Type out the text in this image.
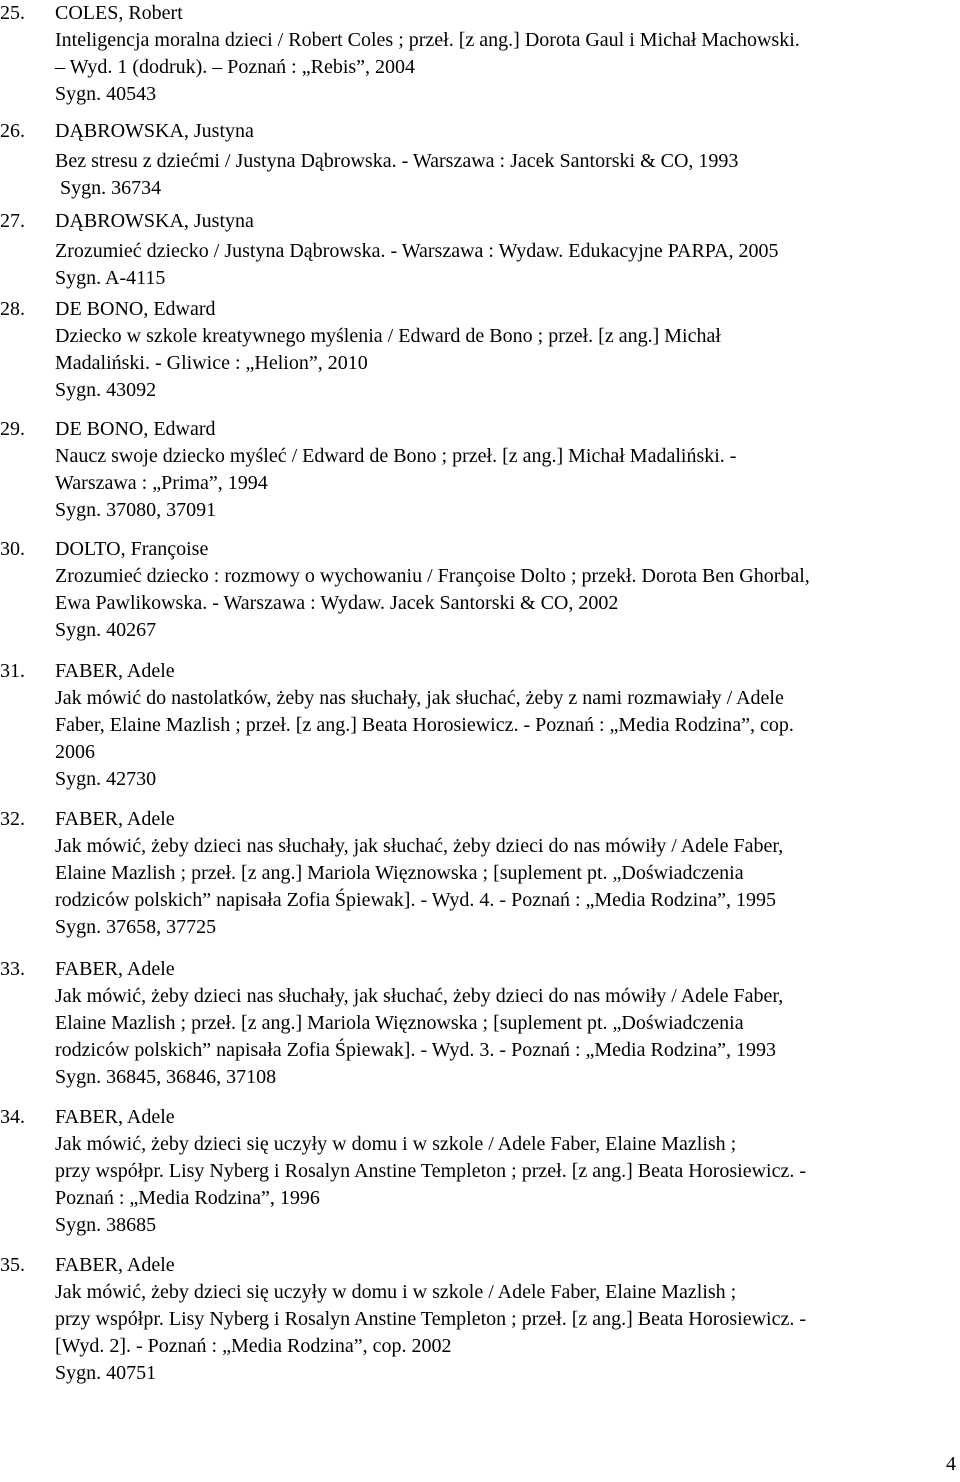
25. COLES, Robert
Inteligencja moralna dzieci / Robert Coles ; przeł. [z ang.] Dorota Gaul i Michał Machowski.
– Wyd. 1 (dodruk). – Poznań : „Rebis”, 2004
Sygn. 40543
26. DĄBROWSKA, Justyna
Bez stresu z dziećmi / Justyna Dąbrowska. - Warszawa : Jacek Santorski & CO, 1993
Sygn. 36734
27. DĄBROWSKA, Justyna
Zrozumieć dziecko / Justyna Dąbrowska. - Warszawa : Wydaw. Edukacyjne PARPA, 2005
Sygn. A-4115
28. DE BONO, Edward
Dziecko w szkole kreatywnego myślenia / Edward de Bono ; przeł. [z ang.] Michał
Madaliński. - Gliwice : „Helion”, 2010
Sygn. 43092
29. DE BONO, Edward
Naucz swoje dziecko myśleć / Edward de Bono ; przeł. [z ang.] Michał Madaliński. -
Warszawa : „Prima”, 1994
Sygn. 37080, 37091
30. DOLTO, Françoise
Zrozumieć dziecko : rozmowy o wychowaniu / Françoise Dolto ; przekł. Dorota Ben Ghorbal,
Ewa Pawlikowska. - Warszawa : Wydaw. Jacek Santorski & CO, 2002
Sygn. 40267
31. FABER, Adele
Jak mówić do nastolatków, żeby nas słuchały, jak słuchać, żeby z nami rozmawiały / Adele
Faber, Elaine Mazlish ; przeł. [z ang.] Beata Horosiewicz. - Poznań : „Media Rodzina”, cop.
2006
Sygn. 42730
32. FABER, Adele
Jak mówić, żeby dzieci nas słuchały, jak słuchać, żeby dzieci do nas mówiły / Adele Faber,
Elaine Mazlish ; przeł. [z ang.] Mariola Więznowska ; [suplement pt. „Doświadczenia
rodziców polskich” napisała Zofia Śpiewak]. - Wyd. 4. - Poznań : „Media Rodzina”, 1995
Sygn. 37658, 37725
33. FABER, Adele
Jak mówić, żeby dzieci nas słuchały, jak słuchać, żeby dzieci do nas mówiły / Adele Faber,
Elaine Mazlish ; przeł. [z ang.] Mariola Więznowska ; [suplement pt. „Doświadczenia
rodziców polskich” napisała Zofia Śpiewak]. - Wyd. 3. - Poznań : „Media Rodzina”, 1993
Sygn. 36845, 36846, 37108
34. FABER, Adele
Jak mówić, żeby dzieci się uczyły w domu i w szkole / Adele Faber, Elaine Mazlish ;
przy współpr. Lisy Nyberg i Rosalyn Anstine Templeton ; przeł. [z ang.] Beata Horosiewicz. -
Poznań : „Media Rodzina”, 1996
Sygn. 38685
35. FABER, Adele
Jak mówić, żeby dzieci się uczyły w domu i w szkole / Adele Faber, Elaine Mazlish ;
przy współpr. Lisy Nyberg i Rosalyn Anstine Templeton ; przeł. [z ang.] Beata Horosiewicz. -
[Wyd. 2]. - Poznań : „Media Rodzina”, cop. 2002
Sygn. 40751
4
